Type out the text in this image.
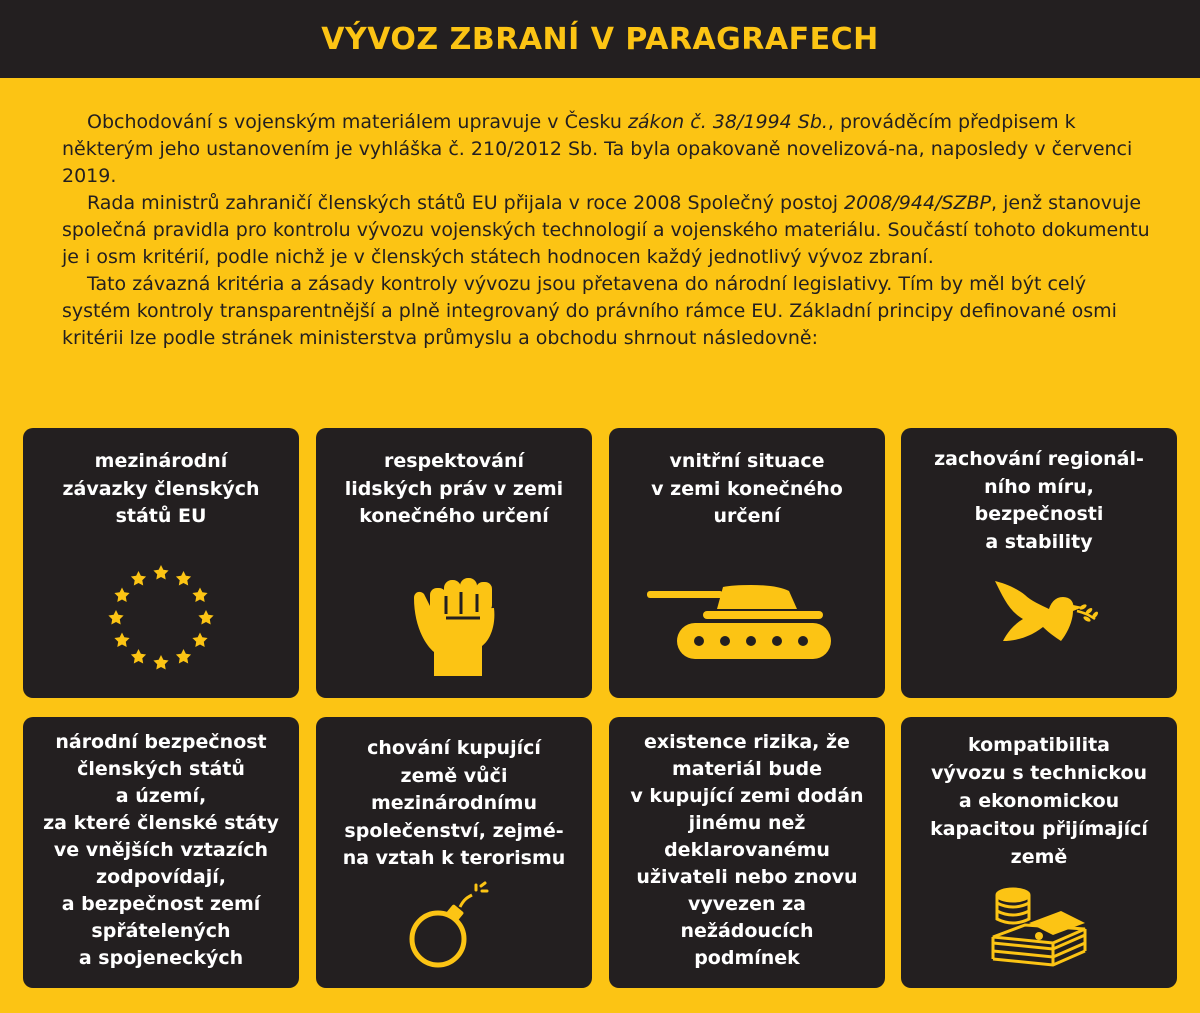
VÝVOZ ZBRANÍ V PARAGRAFECH

Obchodování s vojenským materiálem upravuje v Česku zákon č. 38/1994 Sb., prováděcím předpisem k některým jeho ustanovením je vyhláška č. 210/2012 Sb. Ta byla opakovaně novelizová-na, naposledy v červenci 2019.

Rada ministrů zahraničí členských států EU přijala v roce 2008 Společný postoj 2008/944/SZBP, jenž stanovuje společná pravidla pro kontrolu vývozu vojenských technologií a vojenského materiálu. Součástí tohoto dokumentu je i osm kritérií, podle nichž je v členských státech hodnocen každý jednotlivý vývoz zbraní.

Tato závazná kritéria a zásady kontroly vývozu jsou přetavena do národní legislativy. Tím by měl být celý systém kontroly transparentnější a plně integrovaný do právního rámce EU. Základní principy definované osmi kritérii lze podle stránek ministerstva průmyslu a obchodu shrnout následovně:

mezinárodní
závazky členských
států EU
respektování
lidských práv v zemi
konečného určení
vnitřní situace
v zemi konečného
určení
zachování regionál-
ního míru,
bezpečnosti
a stability
národní bezpečnost
členských států
a území,
za které členské státy
ve vnějších vztazích
zodpovídají,
a bezpečnost zemí
spřátelených
a spojeneckých
chování kupující
země vůči
mezinárodnímu
společenství, zejmé-
na vztah k terorismu
existence rizika, že
materiál bude
v kupující zemi dodán
jinému než
deklarovanému
uživateli nebo znovu
vyvezen za
nežádoucích
podmínek
kompatibilita
vývozu s technickou
a ekonomickou
kapacitou přijímající
země
